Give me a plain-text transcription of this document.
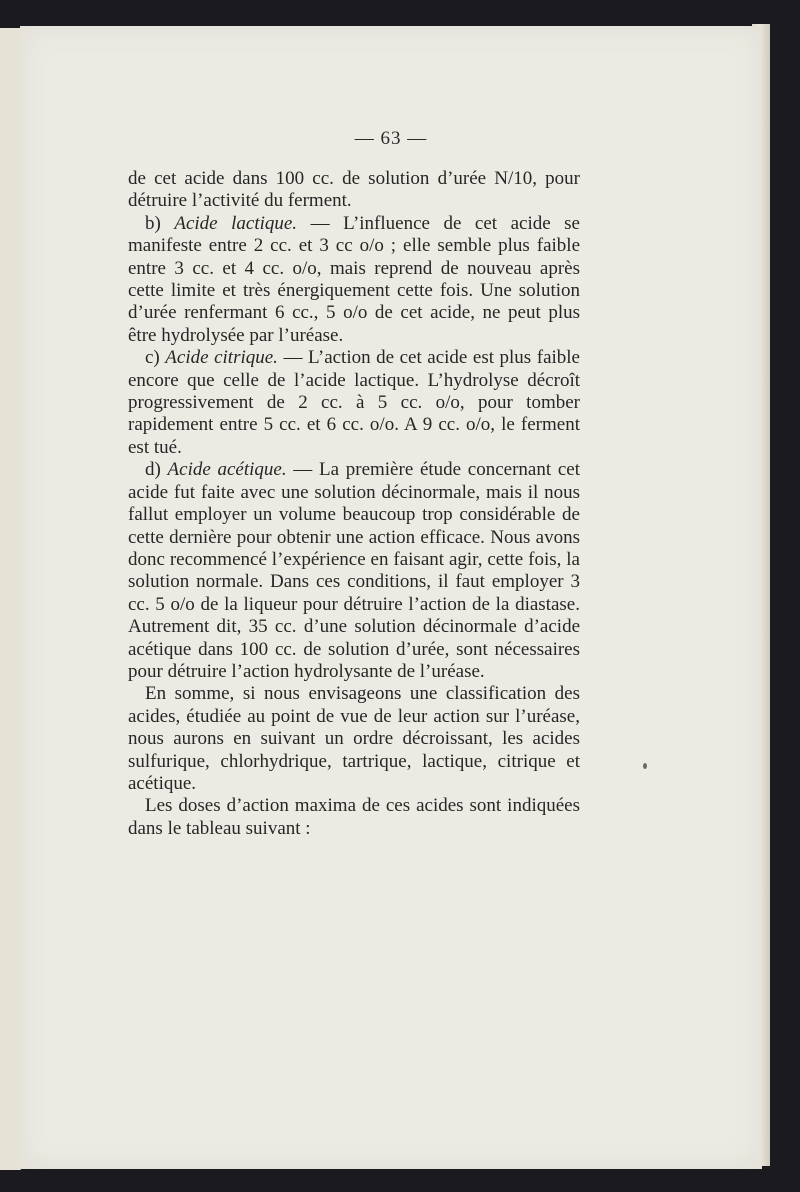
— 63 —

de cet acide dans 100 cc. de solution d’urée N/10, pour détruire l’activité du ferment.

b) Acide lactique. — L’influence de cet acide se manifeste entre 2 cc. et 3 cc o/o ; elle semble plus faible entre 3 cc. et 4 cc. o/o, mais reprend de nouveau après cette limite et très énergiquement cette fois. Une solution d’urée renfermant 6 cc., 5 o/o de cet acide, ne peut plus être hydrolysée par l’uréase.

c) Acide citrique. — L’action de cet acide est plus faible encore que celle de l’acide lactique. L’hydrolyse décroît progressivement de 2 cc. à 5 cc. o/o, pour tomber rapidement entre 5 cc. et 6 cc. o/o. A 9 cc. o/o, le ferment est tué.

d) Acide acétique. — La première étude concernant cet acide fut faite avec une solution décinormale, mais il nous fallut employer un volume beaucoup trop considérable de cette dernière pour obtenir une action efficace. Nous avons donc recommencé l’expérience en faisant agir, cette fois, la solution normale. Dans ces conditions, il faut employer 3 cc. 5 o/o de la liqueur pour détruire l’action de la diastase. Autrement dit, 35 cc. d’une solution décinormale d’acide acétique dans 100 cc. de solution d’urée, sont nécessaires pour détruire l’action hydrolysante de l’uréase.

En somme, si nous envisageons une classification des acides, étudiée au point de vue de leur action sur l’uréase, nous aurons en suivant un ordre décroissant, les acides sulfurique, chlorhydrique, tartrique, lactique, citrique et acétique.

Les doses d’action maxima de ces acides sont indiquées dans le tableau suivant :
